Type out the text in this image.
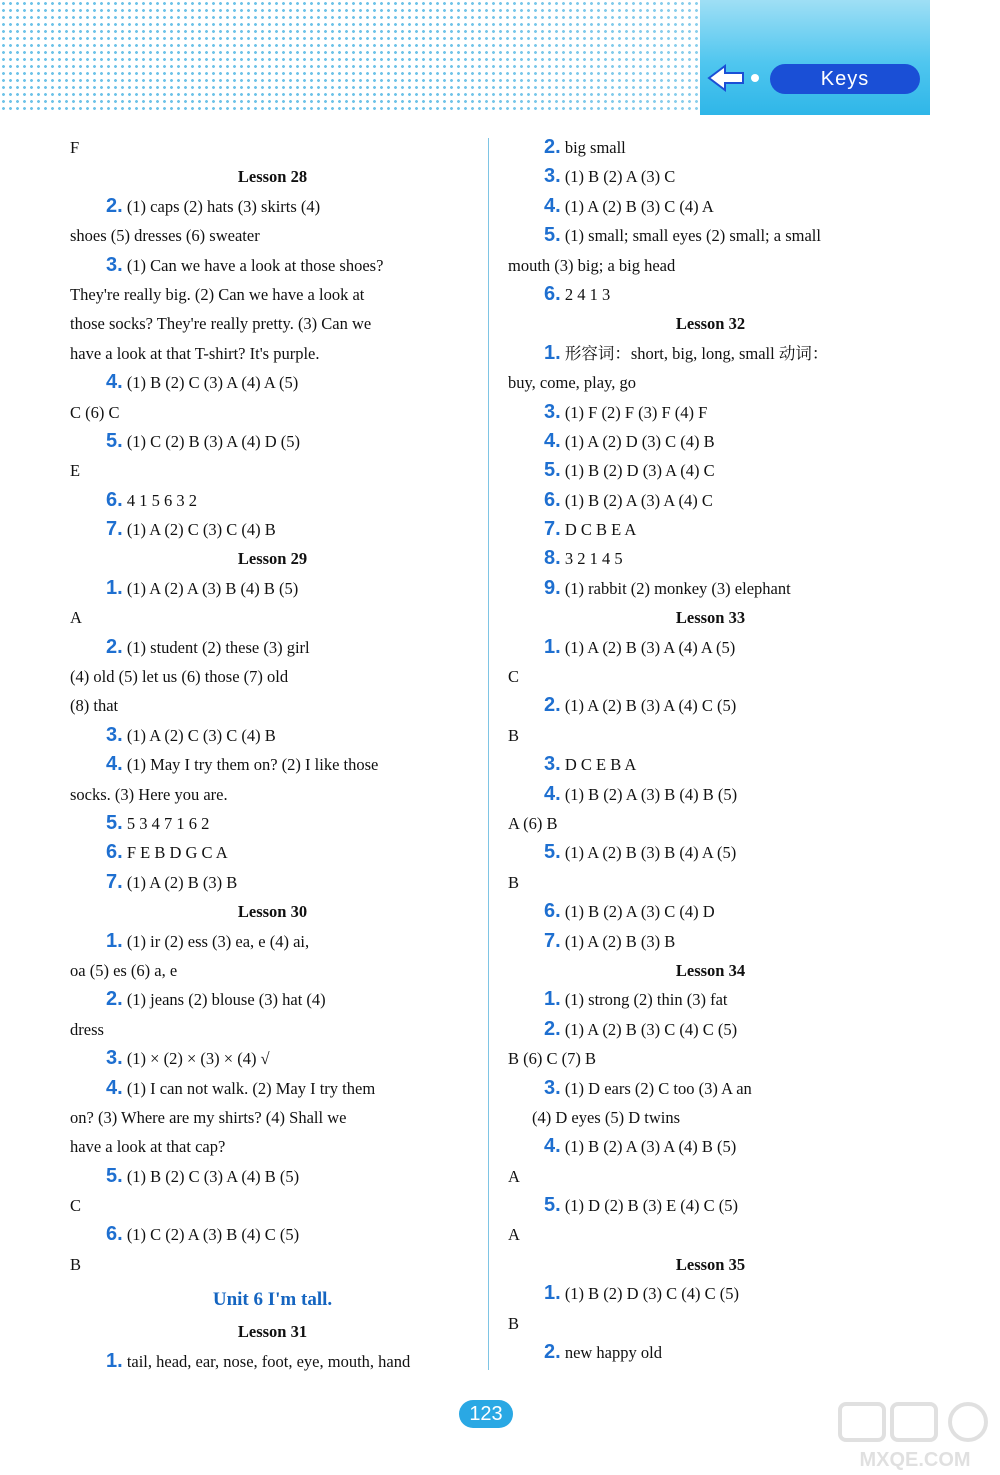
Keys
F
Lesson 28
2. (1) caps (2) hats (3) skirts (4)
shoes (5) dresses (6) sweater
3. (1) Can we have a look at those shoes?
They're really big. (2) Can we have a look at
those socks? They're really pretty. (3) Can we
have a look at that T-shirt? It's purple.
4. (1) B (2) C (3) A (4) A (5)
C (6) C
5. (1) C (2) B (3) A (4) D (5)
E
6. 4 1 5 6 3 2
7. (1) A (2) C (3) C (4) B
Lesson 29
1. (1) A (2) A (3) B (4) B (5)
A
2. (1) student (2) these (3) girl
(4) old (5) let us (6) those (7) old
(8) that
3. (1) A (2) C (3) C (4) B
4. (1) May I try them on? (2) I like those
socks. (3) Here you are.
5. 5 3 4 7 1 6 2
6. F E B D G C A
7. (1) A (2) B (3) B
Lesson 30
1. (1) ir (2) ess (3) ea, e (4) ai,
oa (5) es (6) a, e
2. (1) jeans (2) blouse (3) hat (4)
dress
3. (1) × (2) × (3) × (4) √
4. (1) I can not walk. (2) May I try them
on? (3) Where are my shirts? (4) Shall we
have a look at that cap?
5. (1) B (2) C (3) A (4) B (5)
C
6. (1) C (2) A (3) B (4) C (5)
B
Unit 6 I'm tall.
Lesson 31
1. tail, head, ear, nose, foot, eye, mouth, hand
2. big small
3. (1) B (2) A (3) C
4. (1) A (2) B (3) C (4) A
5. (1) small; small eyes (2) small; a small
mouth (3) big; a big head
6. 2 4 1 3
Lesson 32
1. 形容词：short, big, long, small 动词：
buy, come, play, go
3. (1) F (2) F (3) F (4) F
4. (1) A (2) D (3) C (4) B
5. (1) B (2) D (3) A (4) C
6. (1) B (2) A (3) A (4) C
7. D C B E A
8. 3 2 1 4 5
9. (1) rabbit (2) monkey (3) elephant
Lesson 33
1. (1) A (2) B (3) A (4) A (5)
C
2. (1) A (2) B (3) A (4) C (5)
B
3. D C E B A
4. (1) B (2) A (3) B (4) B (5)
A (6) B
5. (1) A (2) B (3) B (4) A (5)
B
6. (1) B (2) A (3) C (4) D
7. (1) A (2) B (3) B
Lesson 34
1. (1) strong (2) thin (3) fat
2. (1) A (2) B (3) C (4) C (5)
B (6) C (7) B
3. (1) D ears (2) C too (3) A an
(4) D eyes (5) D twins
4. (1) B (2) A (3) A (4) B (5)
A
5. (1) D (2) B (3) E (4) C (5)
A
Lesson 35
1. (1) B (2) D (3) C (4) C (5)
B
2. new happy old
123
MXQE.COM
